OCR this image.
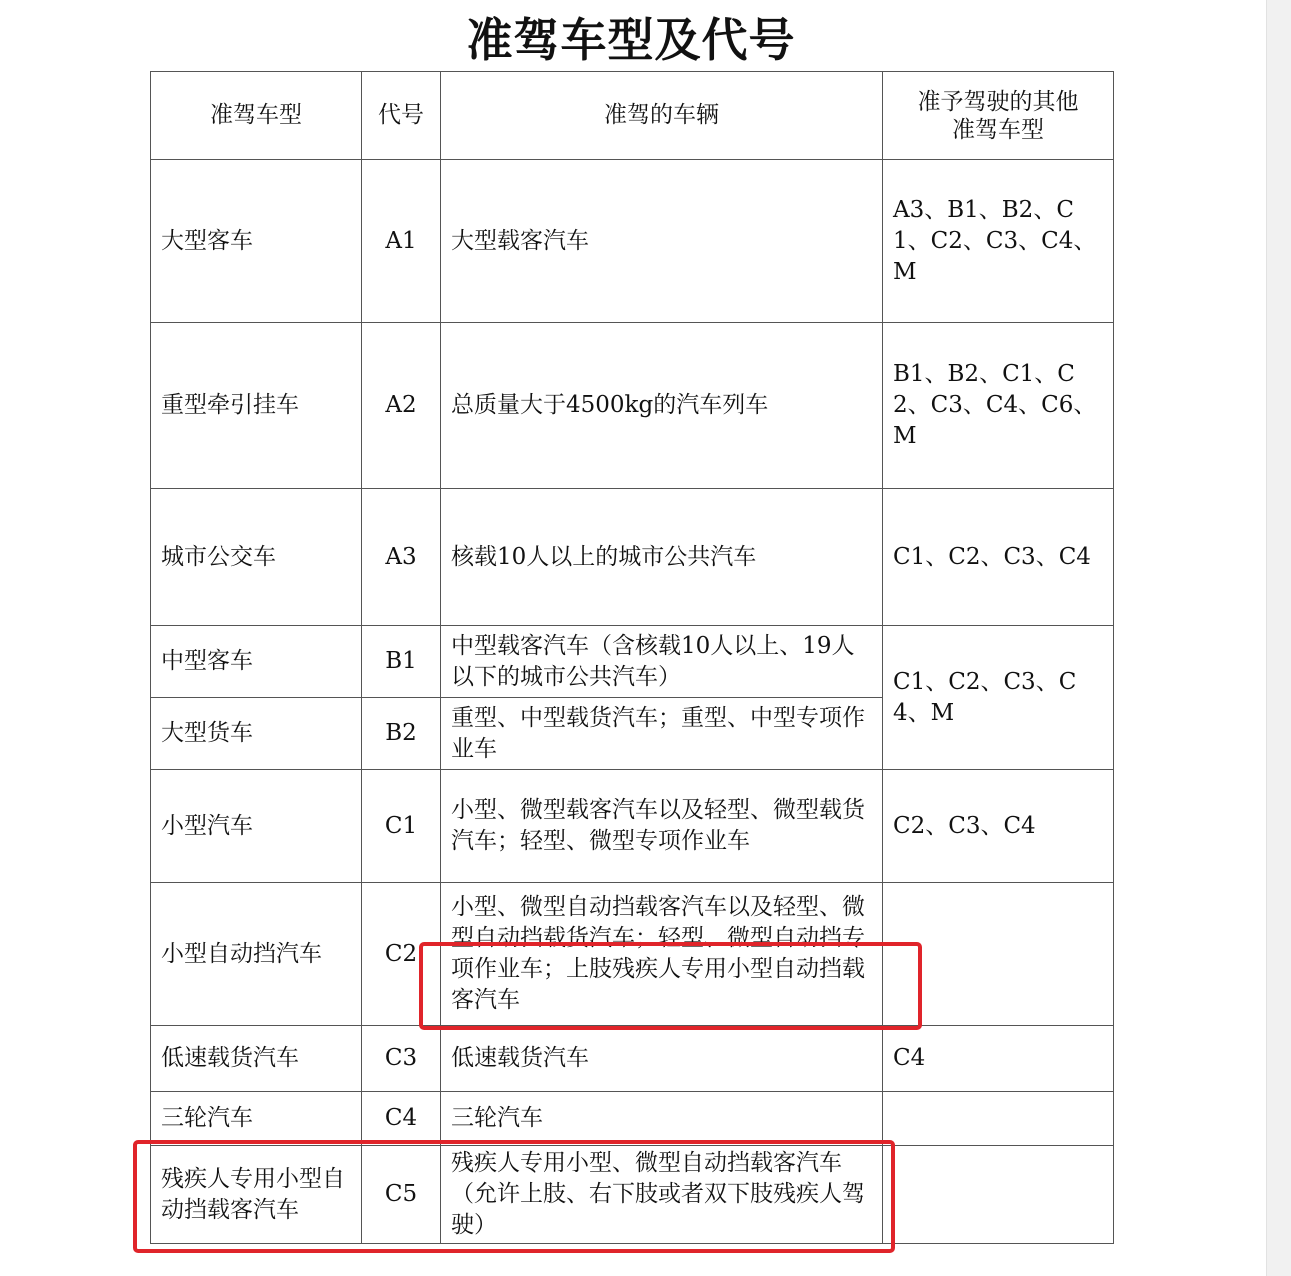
准驾车型及代号
准驾车型	代号	准驾的车辆	准予驾驶的其他准驾车型
大型客车	A1	大型载客汽车	A3、B1、B2、C1、C2、C3、C4、M
重型牵引挂车	A2	总质量大于4500kg的汽车列车	B1、B2、C1、C2、C3、C4、C6、M
城市公交车	A3	核载10人以上的城市公共汽车	C1、C2、C3、C4
中型客车	B1	中型载客汽车（含核载10人以上、19人以下的城市公共汽车）	C1、C2、C3、C4、M
大型货车	B2	重型、中型载货汽车；重型、中型专项作业车	
小型汽车	C1	小型、微型载客汽车以及轻型、微型载货汽车；轻型、微型专项作业车	C2、C3、C4
小型自动挡汽车	C2	小型、微型自动挡载客汽车以及轻型、微型自动挡载货汽车；轻型、微型自动挡专项作业车；上肢残疾人专用小型自动挡载客汽车	
低速载货汽车	C3	低速载货汽车	C4
三轮汽车	C4	三轮汽车	
残疾人专用小型自动挡载客汽车	C5	残疾人专用小型、微型自动挡载客汽车（允许上肢、右下肢或者双下肢残疾人驾驶）	
